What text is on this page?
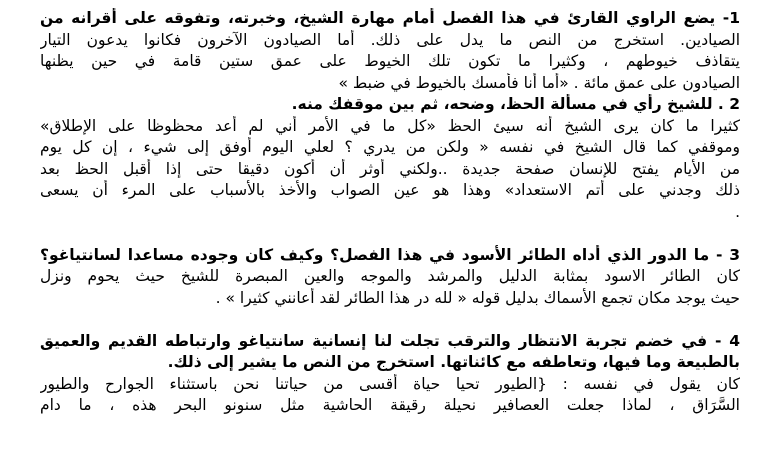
1- يضع الراوي القارئ في هذا الفصل أمام مهارة الشيخ، وخبرته، وتفوقه على أقرانه من
الصيادين. استخرج من النص ما يدل على ذلك. أما الصيادون الآخرون فكانوا يدعون التيار
يتقاذف خيوطهم ، وكثيرا ما تكون تلك الخيوط على عمق ستين قامة في حين يظنها
الصيادون على عمق مائة . «أما أنا فأمسك بالخيوط في ضبط »
2 . للشيخ رأي في مسألة الحظ، وضحه، ثم بين موقفك منه.
كثيرا ما كان يرى الشيخ أنه سيئ الحظ «كل ما في الأمر أني لم أعد محظوظا على الإطلاق»
وموقفي كما قال الشيخ في نفسه « ولكن من يدري ؟ لعلي اليوم أوفق إلى شيء ، إن كل يوم
من الأيام يفتح للإنسان صفحة جديدة ..ولكني أوثر أن أكون دقيقا حتى إذا أقبل الحظ بعد
ذلك وجدني على أتم الاستعداد» وهذا هو عين الصواب والأخذ بالأسباب على المرء أن يسعى
.
3 - ما الدور الذي أداه الطائر الأسود في هذا الفصل؟ وكيف كان وجوده مساعدا لسانتياغو؟
كان الطائر الاسود بمثابة الدليل والمرشد والموجه والعين المبصرة للشيخ حيث يحوم ونزل
حيث يوجد مكان تجمع الأسماك بدليل قوله « لله در هذا الطائر لقد أعانني كثيرا » .
4 - في خضم تجربة الانتظار والترقب تجلت لنا إنسانية سانتياغو وارتباطه القديم والعميق
بالطبيعة وما فيها، وتعاطفه مع كائناتها. استخرج من النص ما يشير إلى ذلك.
كان يقول في نفسه : {الطيور تحيا حياة أقسى من حياتنا نحن باستثناء الجوارح والطيور
السَّرَاق ، لماذا جعلت العصافير نحيلة رقيقة الحاشية مثل سنونو البحر هذه ، ما دام
